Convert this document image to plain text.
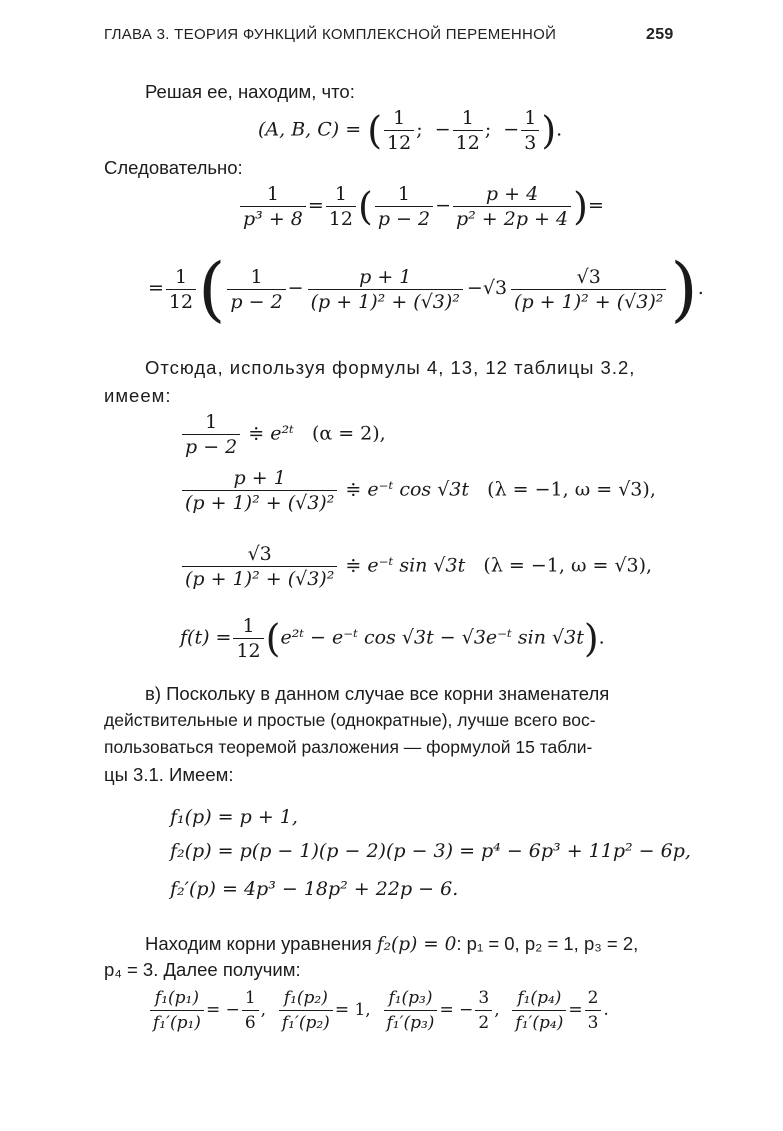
ГЛАВА 3. ТЕОРИЯ ФУНКЦИЙ КОМПЛЕКСНОЙ ПЕРЕМЕННОЙ	259
Решая ее, находим, что:
(A, B, C) = ( $\frac{1}{12}$ ;  − $\frac{1}{12}$ ;  − $\frac{1}{3}$ ).
Следовательно:
$\frac{1}{\text{p³ + 8}} = \frac{1}{12}$ ( $\frac{1}{p - 2} - \frac{p + 4}{\text{p² + 2p + 4}}$ )=
= $\frac{1}{12}$ ( $\frac{1}{p - 2} - \frac{p + 1}{\text{(p + 1)² + (√3)²}} -√3 \frac{√3}{\text{(p + 1)² + (√3)²}}$ ).
Отсюда, используя формулы 4, 13, 12 таблицы 3.2,
имеем:
$\frac{1}{p - 2}$ ≑ e²ᵗ (α = 2),
$\frac{p + 1}{\text{(p + 1)² + (√3)²}}$ ≑ e⁻ᵗ cos √3t (λ = −1, ω = √3),
$\frac{√3}{\text{(p + 1)² + (√3)²}}$ ≑ e⁻ᵗ sin √3t (λ = −1, ω = √3),
$f(t) = \frac{1}{12}$ (e²ᵗ − e⁻ᵗ cos √3t − √3e⁻ᵗ sin √3t).
в) Поскольку в данном случае все корни знаменателя
действительные и простые (однократные), лучше всего вос-
пользоваться теоремой разложения — формулой 15 табли-
цы 3.1. Имеем:
f₁(p) = p + 1,
f₂(p) = p(p − 1)(p − 2)(p − 3) = p⁴ − 6p³ + 11p² − 6p,
f₂′(p) = 4p³ − 18p² + 22p − 6.
Находим корни уравнения f₂(p) = 0: p₁ = 0, p₂ = 1, p₃ = 2,
p₄ = 3. Далее получим:
$\frac{\text{f₁(p₁)}}{\text{f₁′(p₁)}}$ = − $\frac{1}{6}$ , $\frac{\text{f₁(p₂)}}{\text{f₁′(p₂)}} = 1$, $\frac{\text{f₁(p₃)}}{\text{f₁′(p₃)}}$ = − $\frac{3}{2}$ , $\frac{\text{f₁(p₄)}}{\text{f₁′(p₄)}} = \frac{2}{3}$ .
